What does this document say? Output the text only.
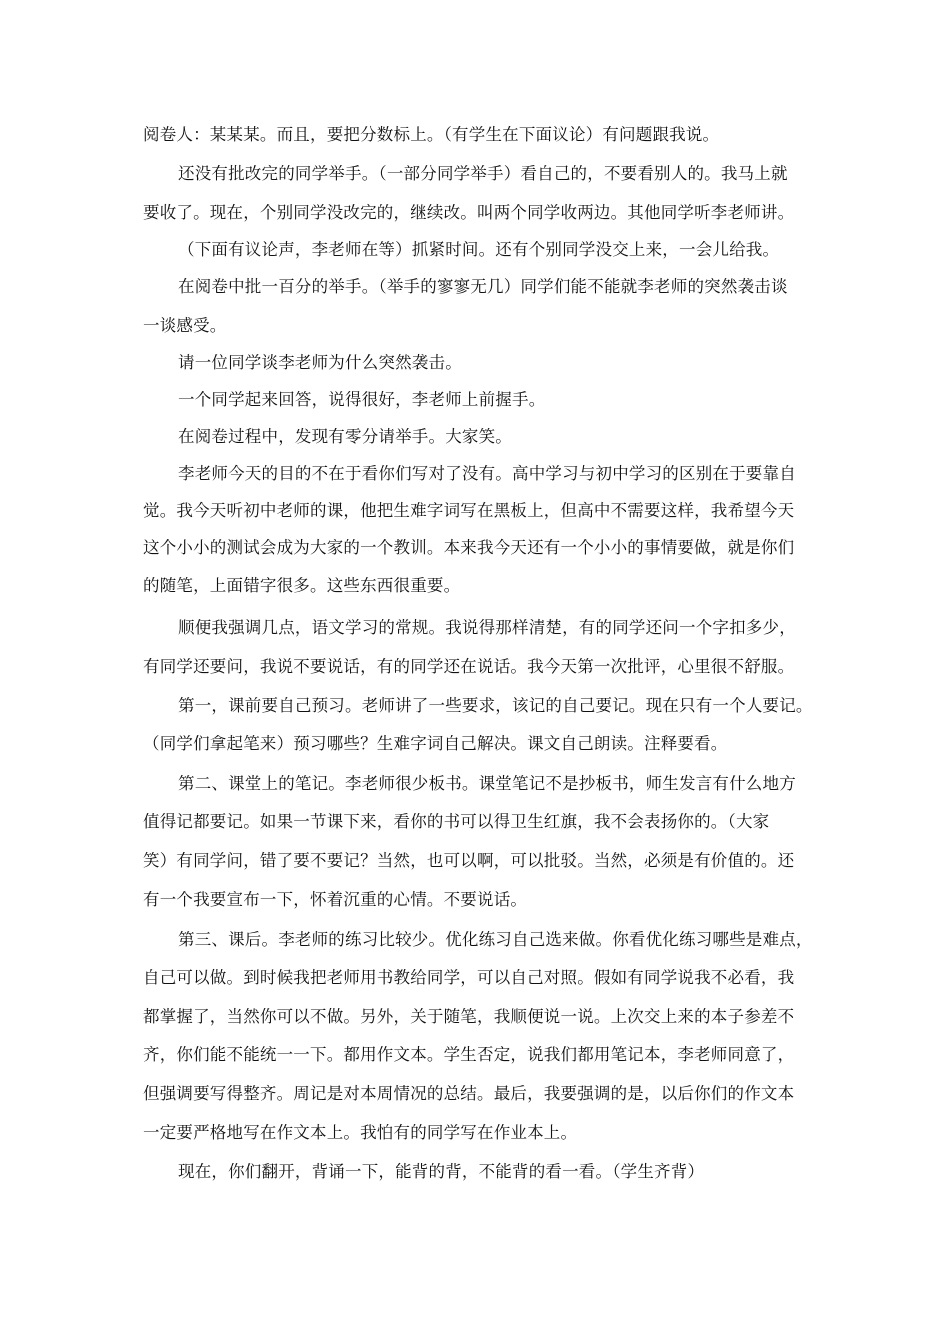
阅卷人：某某某。而且，要把分数标上。（有学生在下面议论）有问题跟我说。
还没有批改完的同学举手。（一部分同学举手）看自己的，不要看别人的。我马上就
要收了。现在，个别同学没改完的，继续改。叫两个同学收两边。其他同学听李老师讲。
（下面有议论声，李老师在等）抓紧时间。还有个别同学没交上来，一会儿给我。
在阅卷中批一百分的举手。（举手的寥寥无几）同学们能不能就李老师的突然袭击谈
一谈感受。
请一位同学谈李老师为什么突然袭击。
一个同学起来回答，说得很好，李老师上前握手。
在阅卷过程中，发现有零分请举手。大家笑。
李老师今天的目的不在于看你们写对了没有。高中学习与初中学习的区别在于要靠自
觉。我今天听初中老师的课，他把生难字词写在黑板上，但高中不需要这样，我希望今天
这个小小的测试会成为大家的一个教训。本来我今天还有一个小小的事情要做，就是你们
的随笔，上面错字很多。这些东西很重要。
顺便我强调几点，语文学习的常规。我说得那样清楚，有的同学还问一个字扣多少，
有同学还要问，我说不要说话，有的同学还在说话。我今天第一次批评，心里很不舒服。
第一，课前要自己预习。老师讲了一些要求，该记的自己要记。现在只有一个人要记。
（同学们拿起笔来）预习哪些？生难字词自己解决。课文自己朗读。注释要看。
第二、课堂上的笔记。李老师很少板书。课堂笔记不是抄板书，师生发言有什么地方
值得记都要记。如果一节课下来，看你的书可以得卫生红旗，我不会表扬你的。（大家
笑）有同学问，错了要不要记？当然，也可以啊，可以批驳。当然，必须是有价值的。还
有一个我要宣布一下，怀着沉重的心情。不要说话。
第三、课后。李老师的练习比较少。优化练习自己选来做。你看优化练习哪些是难点，
自己可以做。到时候我把老师用书教给同学，可以自己对照。假如有同学说我不必看，我
都掌握了，当然你可以不做。另外，关于随笔，我顺便说一说。上次交上来的本子参差不
齐，你们能不能统一一下。都用作文本。学生否定，说我们都用笔记本，李老师同意了，
但强调要写得整齐。周记是对本周情况的总结。最后，我要强调的是，以后你们的作文本
一定要严格地写在作文本上。我怕有的同学写在作业本上。
现在，你们翻开，背诵一下，能背的背，不能背的看一看。（学生齐背）
